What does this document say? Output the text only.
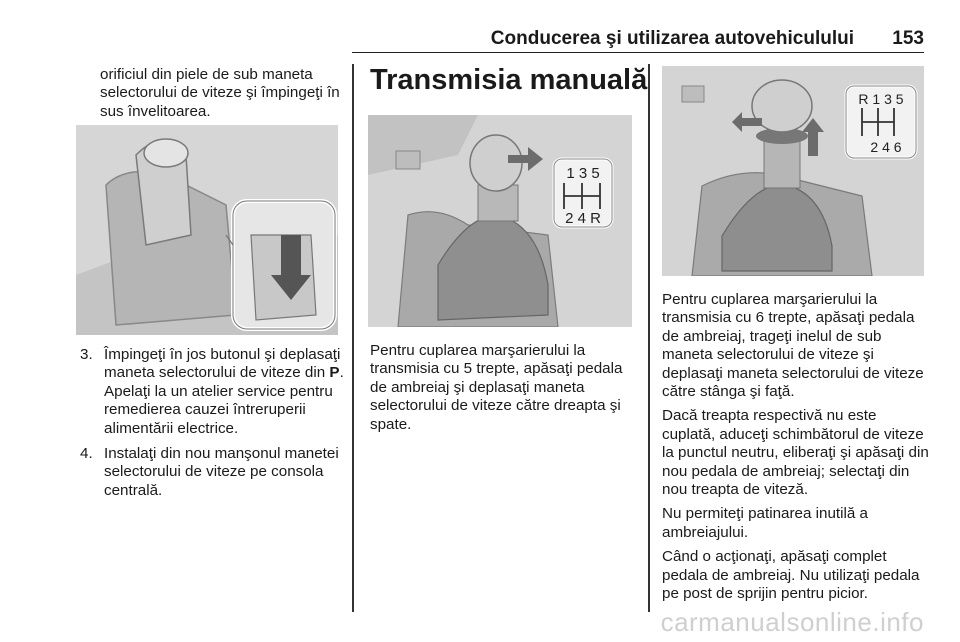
Conducerea şi utilizarea autovehiculului 153

orificiul din piele de sub maneta selectorului de viteze şi împingeţi în sus învelitoarea.

3. Împingeţi în jos butonul şi deplasaţi maneta selectorului de viteze din P. Apelaţi la un atelier service pentru remedierea cauzei întreruperii alimentării electrice.
4. Instalaţi din nou manşonul manetei selectorului de viteze pe consola centrală.
Transmisia manuală
1 3 5
2 4 R

Pentru cuplarea marşarierului la transmisia cu 5 trepte, apăsaţi pedala de ambreiaj şi deplasaţi maneta selectorului de viteze către dreapta şi spate.

R 1 3 5
2 4 6

Pentru cuplarea marşarierului la transmisia cu 6 trepte, apăsaţi pedala de ambreiaj, trageţi inelul de sub maneta selectorului de viteze şi deplasaţi maneta selectorului de viteze către stânga şi faţă.

Dacă treapta respectivă nu este cuplată, aduceţi schimbătorul de viteze la punctul neutru, eliberaţi şi apăsaţi din nou pedala de ambreiaj; selectaţi din nou treapta de viteză.

Nu permiteţi patinarea inutilă a ambreiajului.

Când o acţionaţi, apăsaţi complet pedala de ambreiaj. Nu utilizaţi pedala pe post de sprijin pentru picior.

carmanualsonline.info
